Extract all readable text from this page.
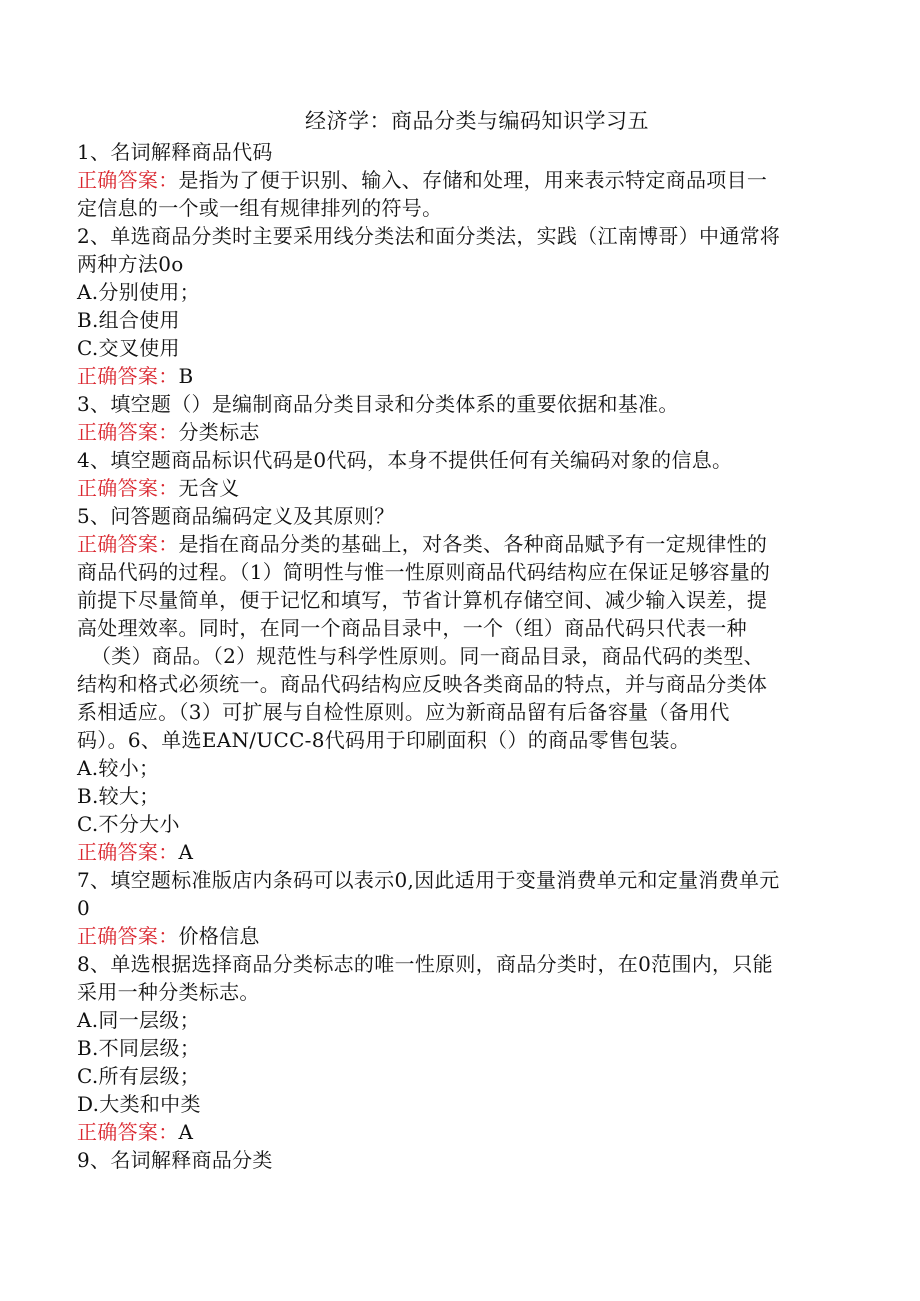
经济学：商品分类与编码知识学习五
1、名词解释商品代码
正确答案：是指为了便于识别、输入、存储和处理，用来表示特定商品项目一
定信息的一个或一组有规律排列的符号。
2、单选商品分类时主要采用线分类法和面分类法，实践（江南博哥）中通常将
两种方法0o
A.分别使用；
B.组合使用
C.交叉使用
正确答案：B
3、填空题（）是编制商品分类目录和分类体系的重要依据和基准。
正确答案：分类标志
4、填空题商品标识代码是0代码，本身不提供任何有关编码对象的信息。
正确答案：无含义
5、问答题商品编码定义及其原则？
正确答案：是指在商品分类的基础上，对各类、各种商品赋予有一定规律性的
商品代码的过程。（1）简明性与惟一性原则商品代码结构应在保证足够容量的
前提下尽量简单，便于记忆和填写，节省计算机存储空间、减少输入误差，提
高处理效率。同时，在同一个商品目录中，一个（组）商品代码只代表一种
（类）商品。（2）规范性与科学性原则。同一商品目录，商品代码的类型、
结构和格式必须统一。商品代码结构应反映各类商品的特点，并与商品分类体
系相适应。（3）可扩展与自检性原则。应为新商品留有后备容量（备用代
码）。6、单选EAN/UCC-8代码用于印刷面积（）的商品零售包装。
A.较小；
B.较大；
C.不分大小
正确答案：A
7、填空题标准版店内条码可以表示0,因此适用于变量消费单元和定量消费单元
0
正确答案：价格信息
8、单选根据选择商品分类标志的唯一性原则，商品分类时，在0范围内，只能
采用一种分类标志。
A.同一层级；
B.不同层级；
C.所有层级；
D.大类和中类
正确答案：A
9、名词解释商品分类
